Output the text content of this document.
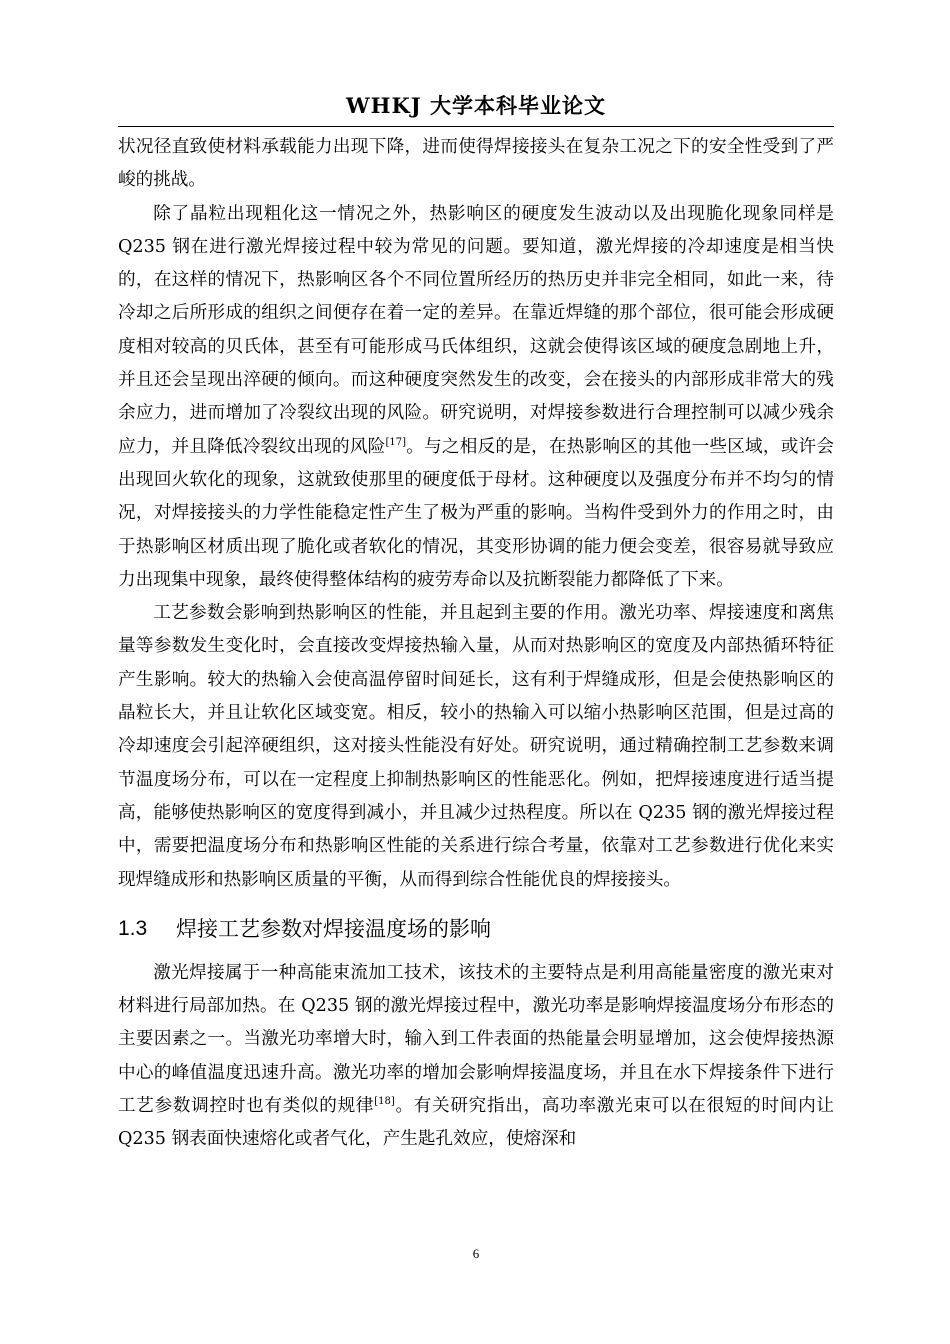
WHKJ 大学本科毕业论文

状况径直致使材料承载能力出现下降，进而使得焊接接头在复杂工况之下的安全性受到了严峻的挑战。

除了晶粒出现粗化这一情况之外，热影响区的硬度发生波动以及出现脆化现象同样是 Q235 钢在进行激光焊接过程中较为常见的问题。要知道，激光焊接的冷却速度是相当快的，在这样的情况下，热影响区各个不同位置所经历的热历史并非完全相同，如此一来，待冷却之后所形成的组织之间便存在着一定的差异。在靠近焊缝的那个部位，很可能会形成硬度相对较高的贝氏体，甚至有可能形成马氏体组织，这就会使得该区域的硬度急剧地上升，并且还会呈现出淬硬的倾向。而这种硬度突然发生的改变，会在接头的内部形成非常大的残余应力，进而增加了冷裂纹出现的风险。研究说明，对焊接参数进行合理控制可以减少残余应力，并且降低冷裂纹出现的风险[17]。与之相反的是，在热影响区的其他一些区域，或许会出现回火软化的现象，这就致使那里的硬度低于母材。这种硬度以及强度分布并不均匀的情况，对焊接接头的力学性能稳定性产生了极为严重的影响。当构件受到外力的作用之时，由于热影响区材质出现了脆化或者软化的情况，其变形协调的能力便会变差，很容易就导致应力出现集中现象，最终使得整体结构的疲劳寿命以及抗断裂能力都降低了下来。

工艺参数会影响到热影响区的性能，并且起到主要的作用。激光功率、焊接速度和离焦量等参数发生变化时，会直接改变焊接热输入量，从而对热影响区的宽度及内部热循环特征产生影响。较大的热输入会使高温停留时间延长，这有利于焊缝成形，但是会使热影响区的晶粒长大，并且让软化区域变宽。相反，较小的热输入可以缩小热影响区范围，但是过高的冷却速度会引起淬硬组织，这对接头性能没有好处。研究说明，通过精确控制工艺参数来调节温度场分布，可以在一定程度上抑制热影响区的性能恶化。例如，把焊接速度进行适当提高，能够使热影响区的宽度得到减小，并且减少过热程度。所以在 Q235 钢的激光焊接过程中，需要把温度场分布和热影响区性能的关系进行综合考量，依靠对工艺参数进行优化来实现焊缝成形和热影响区质量的平衡，从而得到综合性能优良的焊接接头。

1.3	焊接工艺参数对焊接温度场的影响

激光焊接属于一种高能束流加工技术，该技术的主要特点是利用高能量密度的激光束对材料进行局部加热。在 Q235 钢的激光焊接过程中，激光功率是影响焊接温度场分布形态的主要因素之一。当激光功率增大时，输入到工件表面的热能量会明显增加，这会使焊接热源中心的峰值温度迅速升高。激光功率的增加会影响焊接温度场，并且在水下焊接条件下进行工艺参数调控时也有类似的规律[18]。有关研究指出，高功率激光束可以在很短的时间内让 Q235 钢表面快速熔化或者气化，产生匙孔效应，使熔深和

6
